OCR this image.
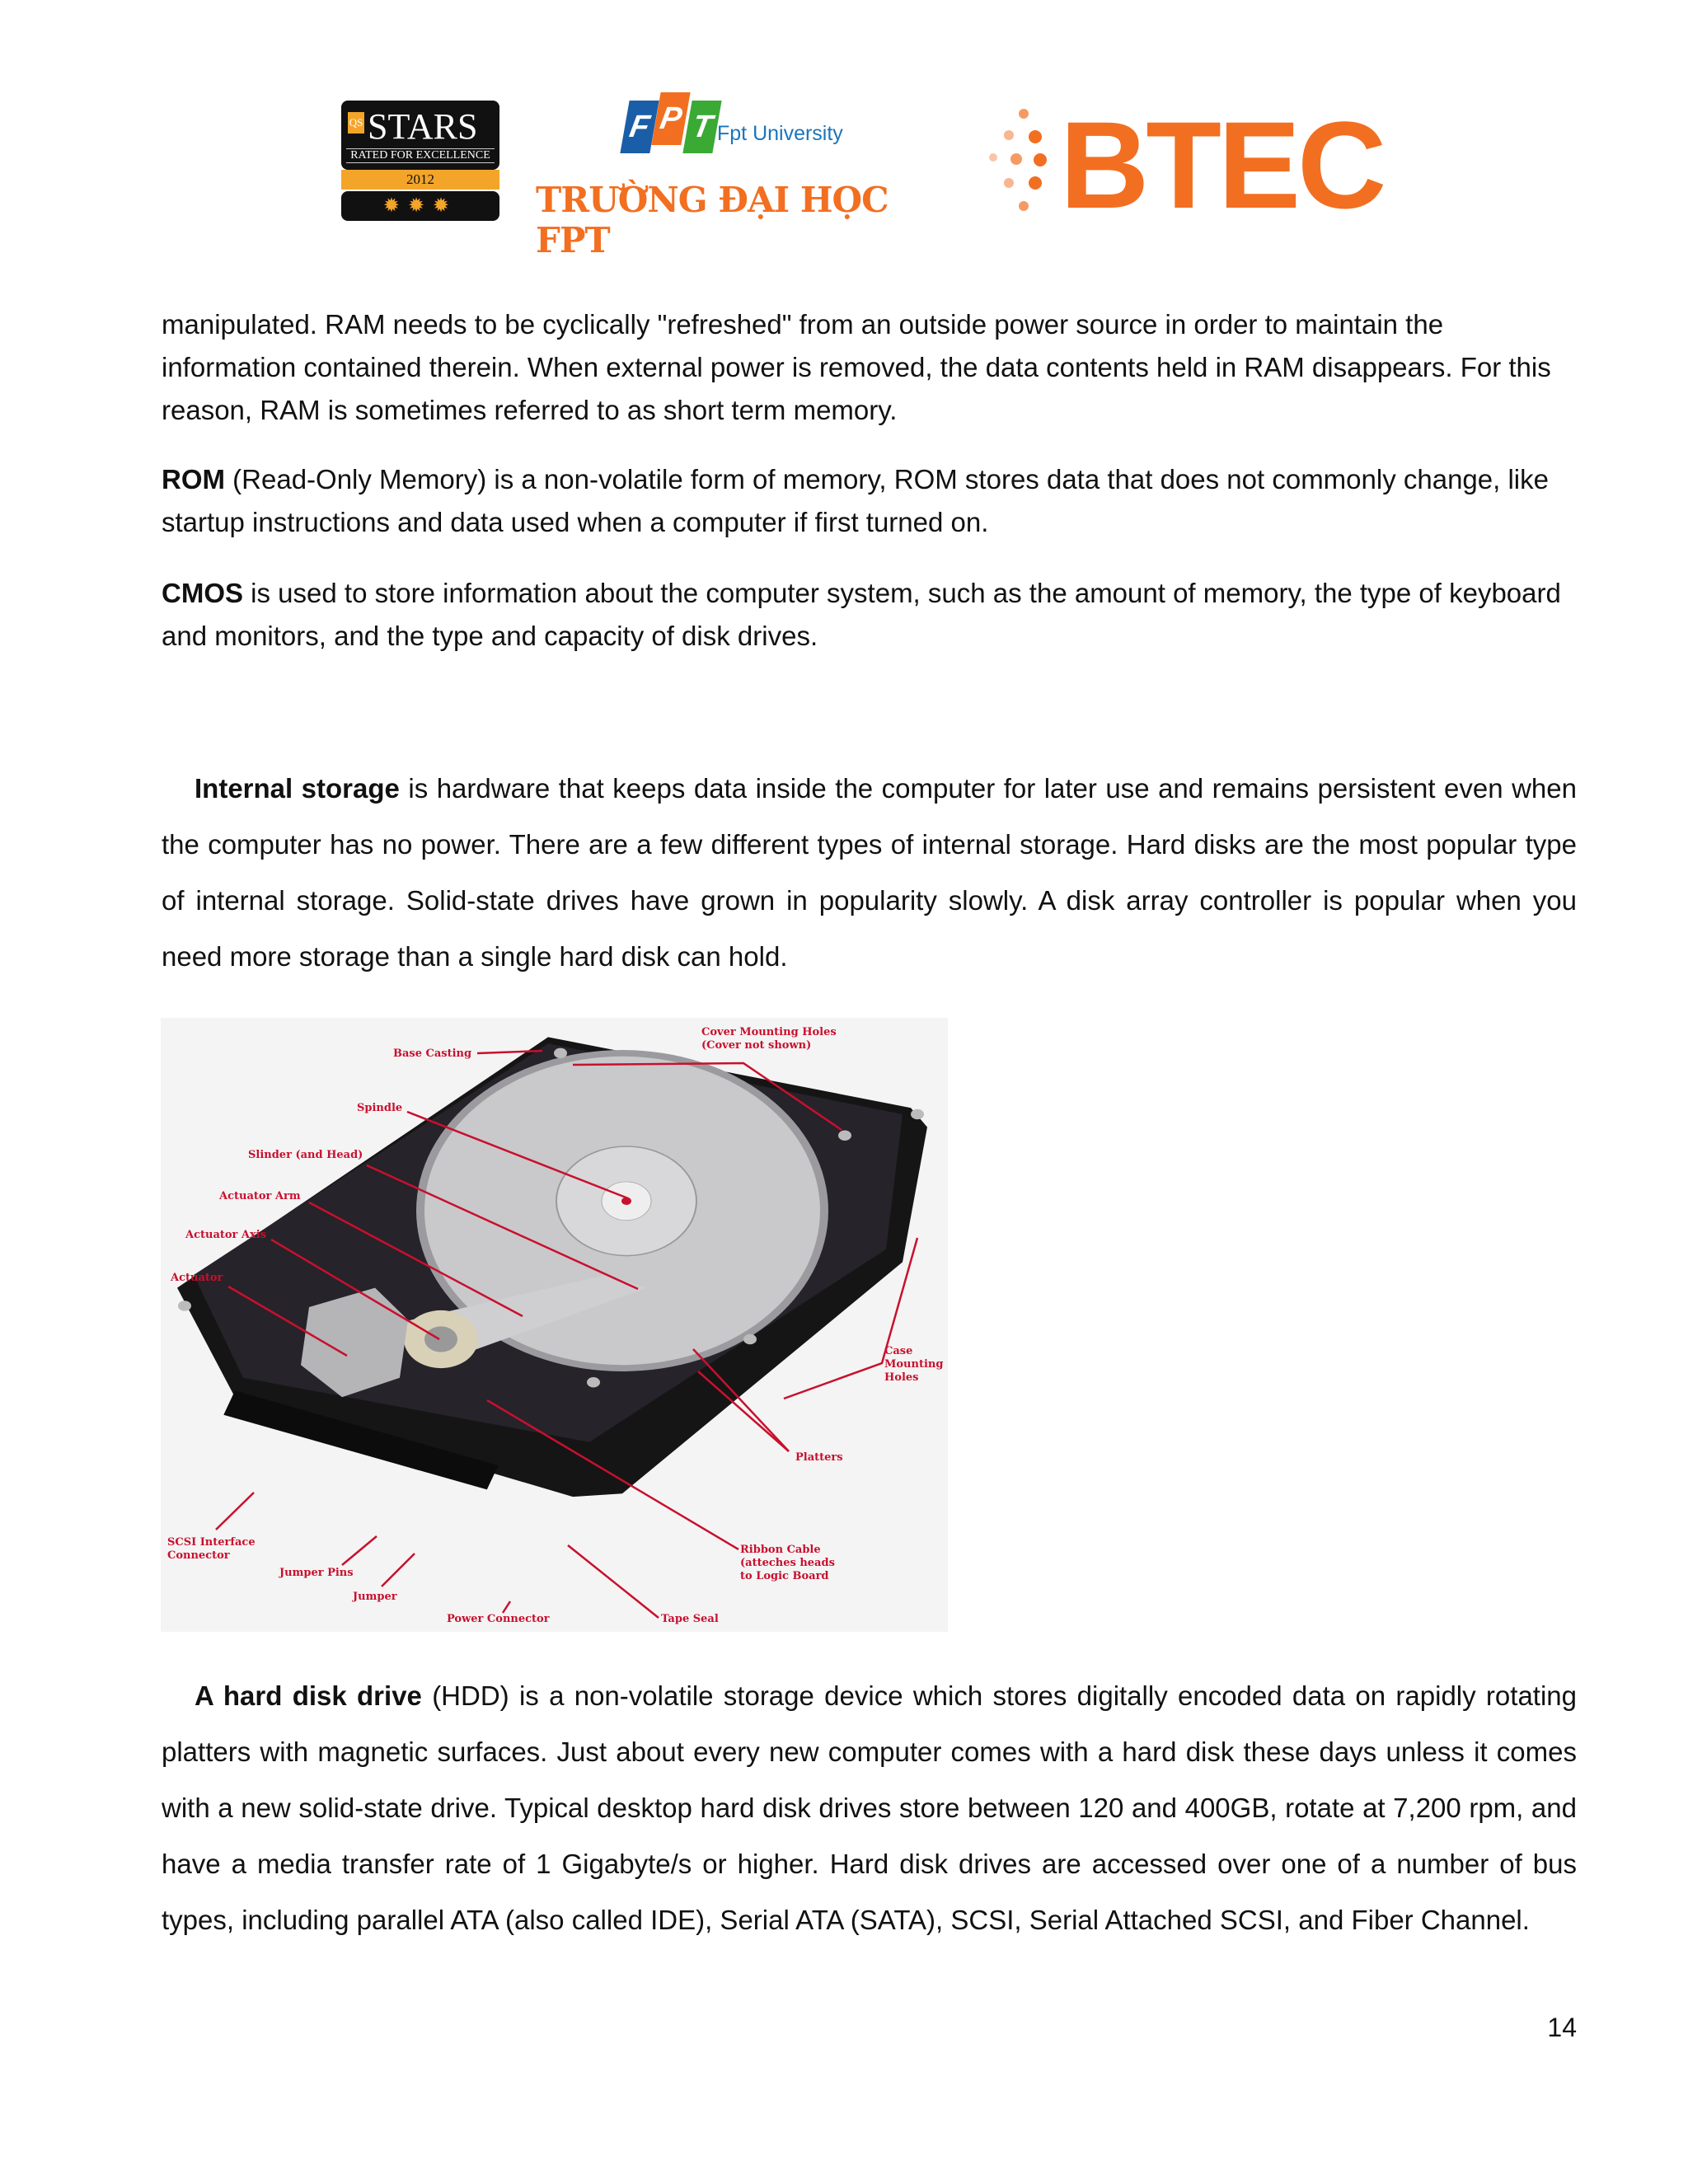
QS STARS
RATED FOR EXCELLENCE
2012
✹✹✹
F P T Fpt University
TRƯỜNG ĐẠI HỌC FPT
BTEC
manipulated. RAM needs to be cyclically "refreshed" from an outside power source in order to maintain the information contained therein. When external power is removed, the data contents held in RAM disappears. For this reason, RAM is sometimes referred to as short term memory.
ROM (Read-Only Memory) is a non-volatile form of memory, ROM stores data that does not commonly change, like startup instructions and data used when a computer if first turned on.
CMOS is used to store information about the computer system, such as the amount of memory, the type of keyboard and monitors, and the type and capacity of disk drives.
Internal storage is hardware that keeps data inside the computer for later use and remains persistent even when the computer has no power. There are a few different types of internal storage. Hard disks are the most popular type of internal storage. Solid-state drives have grown in popularity slowly. A disk array controller is popular when you need more storage than a single hard disk can hold.
Base Casting
Cover Mounting Holes
(Cover not shown)
Spindle
Slinder (and Head)
Actuator Arm
Actuator Axis
Actuator
Case
Mounting
Holes
Platters
SCSI Interface
Connector
Jumper Pins
Jumper
Ribbon Cable
(atteches heads
to Logic Board
Power Connector	Tape Seal
A hard disk drive (HDD) is a non-volatile storage device which stores digitally encoded data on rapidly rotating platters with magnetic surfaces. Just about every new computer comes with a hard disk these days unless it comes with a new solid-state drive. Typical desktop hard disk drives store between 120 and 400GB, rotate at 7,200 rpm, and have a media transfer rate of 1 Gigabyte/s or higher. Hard disk drives are accessed over one of a number of bus types, including parallel ATA (also called IDE), Serial ATA (SATA), SCSI, Serial Attached SCSI, and Fiber Channel.
14
